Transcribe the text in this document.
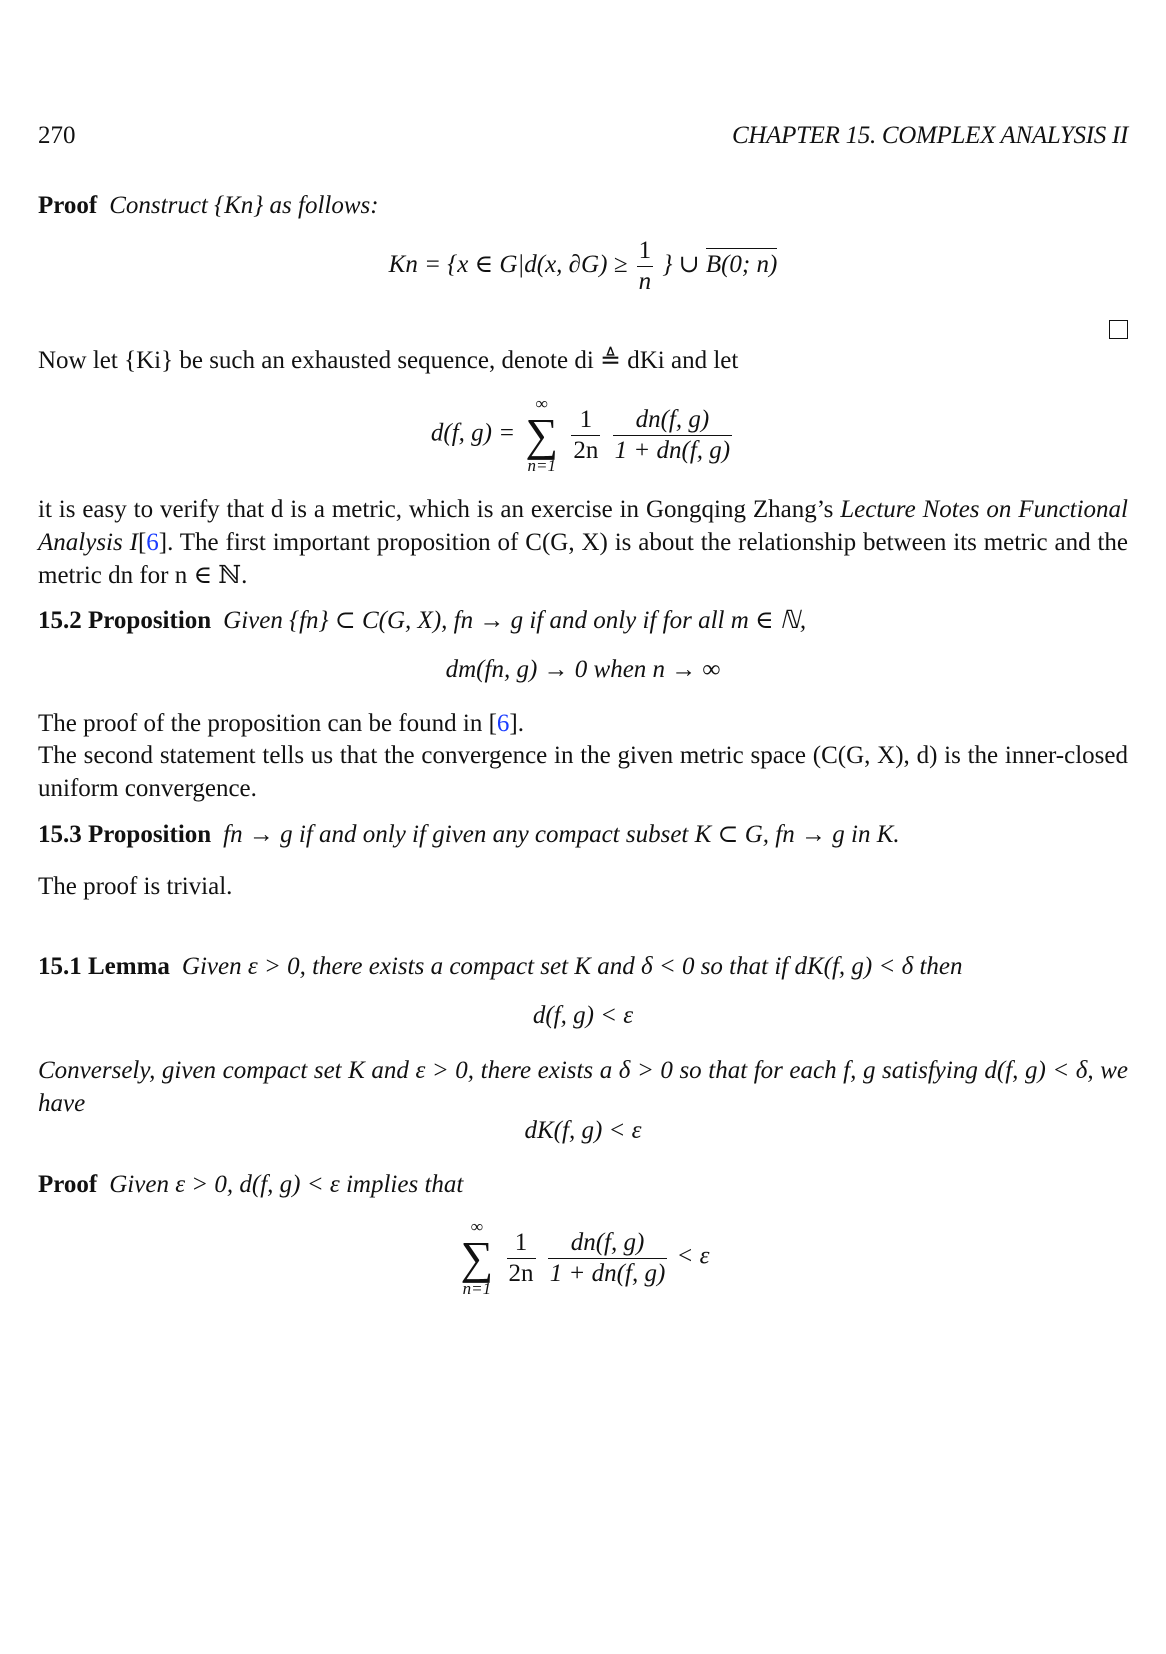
270	CHAPTER 15. COMPLEX ANALYSIS II
Proof Construct {Kn} as follows:
Kn = {x ∈ G|d(x, $\partial G) \ge \frac{1}{n}$ } ∪ B(0; n)
Now let {Ki} be such an exhausted sequence, denote di ≜ dKi and let
d(f, g) =
∞
∑
n=1
$\frac{1}{2n}$
$\frac{dn(f, g)}{1 + dn(f, g)}$
it is easy to verify that d is a metric, which is an exercise in Gongqing Zhang’s Lecture Notes on Functional Analysis I[6]. The first important proposition of C(G, X) is about the relationship between its metric and the metric dn for n ∈ ℕ.
15.2 Proposition Given {fn} ⊂ C(G, X), fn → g if and only if for all m ∈ ℕ,
dm(fn, g) → 0 when n → ∞
The proof of the proposition can be found in [6].
The second statement tells us that the convergence in the given metric space (C(G, X), d) is the inner-closed uniform convergence.
15.3 Proposition fn → g if and only if given any compact subset K ⊂ G, fn → g in K.
The proof is trivial.
15.1 Lemma Given ε > 0, there exists a compact set K and δ < 0 so that if dK(f, g) < δ then
d(f, g) < ε
Conversely, given compact set K and ε > 0, there exists a δ > 0 so that for each f, g satisfying d(f, g) < δ, we have
dK(f, g) < ε
Proof Given ε > 0, d(f, g) < ε implies that
∞
∑
n=1
$\frac{1}{2n}$
$\frac{dn(f, g)}{1 + dn(f, g)} < \varepsilon$
